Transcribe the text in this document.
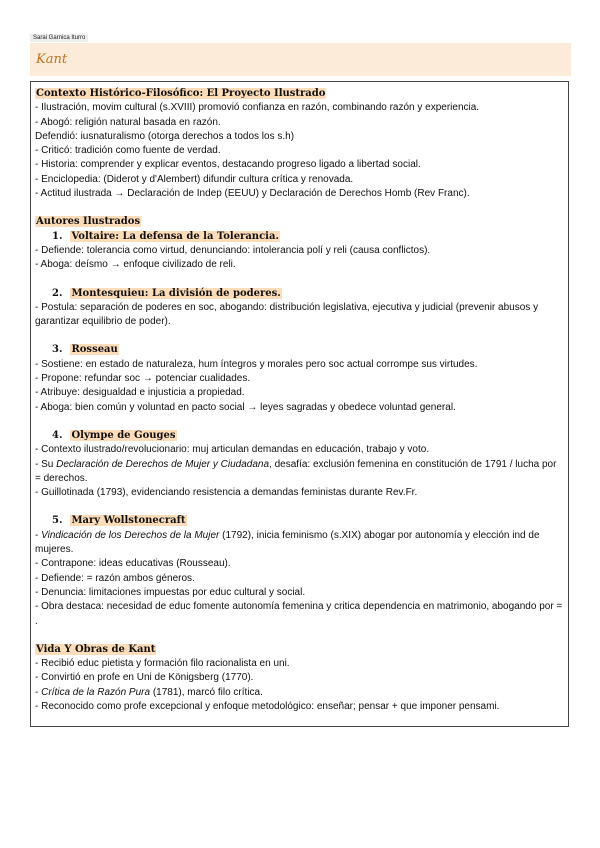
Sarai Garnica Iturro
Kant

Contexto Histórico-Filosófico: El Proyecto Ilustrado

- Ilustración, movim cultural (s.XVIII) promovió confianza en razón, combinando razón y experiencia.

- Abogó: religión natural basada en razón.

Defendió: iusnaturalismo (otorga derechos a todos los s.h)

- Criticó: tradición como fuente de verdad.

- Historia: comprender y explicar eventos, destacando progreso ligado a libertad social.

- Enciclopedia: (Diderot y d'Alembert) difundir cultura crítica y renovada.

- Actitud ilustrada → Declaración de Indep (EEUU) y Declaración de Derechos Homb (Rev Franc).

Autores Ilustrados

1. Voltaire: La defensa de la Tolerancia.

- Defiende: tolerancia como virtud, denunciando: intolerancia polí y reli (causa conflictos).

- Aboga: deísmo → enfoque civilizado de reli.

2. Montesquieu: La división de poderes.

- Postula: separación de poderes en soc, abogando: distribución legislativa, ejecutiva y judicial (prevenir abusos y garantizar equilibrio de poder).

3. Rosseau

- Sostiene: en estado de naturaleza, hum íntegros y morales pero soc actual corrompe sus virtudes.

- Propone: refundar soc → potenciar cualidades.

- Atribuye: desigualdad e injusticia a propiedad.

- Aboga: bien común y voluntad en pacto social → leyes sagradas y obedece voluntad general.

4. Olympe de Gouges

- Contexto ilustrado/revolucionario: muj articulan demandas en educación, trabajo y voto.

- Su Declaración de Derechos de Mujer y Ciudadana, desafía: exclusión femenina en constitución de 1791 / lucha por = derechos.

- Guillotinada (1793), evidenciando resistencia a demandas feministas durante Rev.Fr.

5. Mary Wollstonecraft

- Vindicación de los Derechos de la Mujer (1792), inicia feminismo (s.XIX) abogar por autonomía y elección ind de mujeres.

- Contrapone: ideas educativas (Rousseau).

- Defiende: = razón ambos géneros.

- Denuncia: limitaciones impuestas por educ cultural y social.

- Obra destaca: necesidad de educ fomente autonomía femenina y critica dependencia en matrimonio, abogando por = .

Vida Y Obras de Kant

- Recibió educ pietista y formación filo racionalista en uni.

- Convirtió en profe en Uni de Königsberg (1770).

- Crítica de la Razón Pura (1781), marcó filo crítica.

- Reconocido como profe excepcional y enfoque metodológico: enseñar; pensar + que imponer pensami.
